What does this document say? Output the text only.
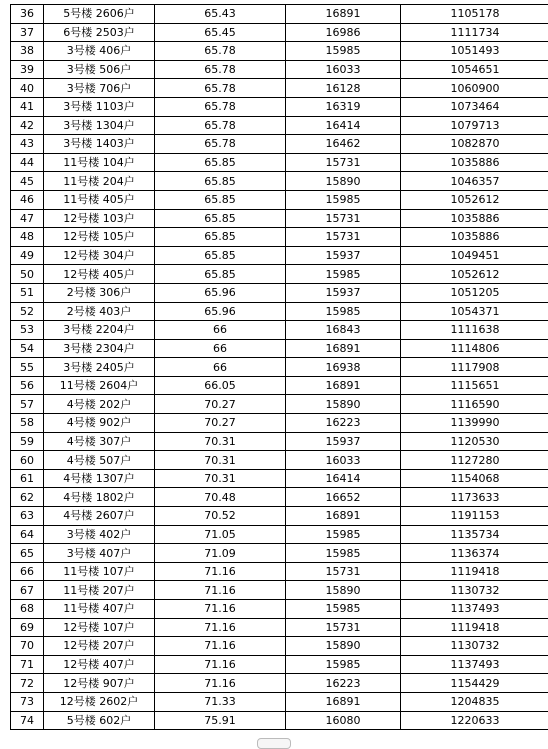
36	5号楼 2606户	65.43	16891	1105178
37	6号楼 2503户	65.45	16986	1111734
38	3号楼 406户	65.78	15985	1051493
39	3号楼 506户	65.78	16033	1054651
40	3号楼 706户	65.78	16128	1060900
41	3号楼 1103户	65.78	16319	1073464
42	3号楼 1304户	65.78	16414	1079713
43	3号楼 1403户	65.78	16462	1082870
44	11号楼 104户	65.85	15731	1035886
45	11号楼 204户	65.85	15890	1046357
46	11号楼 405户	65.85	15985	1052612
47	12号楼 103户	65.85	15731	1035886
48	12号楼 105户	65.85	15731	1035886
49	12号楼 304户	65.85	15937	1049451
50	12号楼 405户	65.85	15985	1052612
51	2号楼 306户	65.96	15937	1051205
52	2号楼 403户	65.96	15985	1054371
53	3号楼 2204户	66	16843	1111638
54	3号楼 2304户	66	16891	1114806
55	3号楼 2405户	66	16938	1117908
56	11号楼 2604户	66.05	16891	1115651
57	4号楼 202户	70.27	15890	1116590
58	4号楼 902户	70.27	16223	1139990
59	4号楼 307户	70.31	15937	1120530
60	4号楼 507户	70.31	16033	1127280
61	4号楼 1307户	70.31	16414	1154068
62	4号楼 1802户	70.48	16652	1173633
63	4号楼 2607户	70.52	16891	1191153
64	3号楼 402户	71.05	15985	1135734
65	3号楼 407户	71.09	15985	1136374
66	11号楼 107户	71.16	15731	1119418
67	11号楼 207户	71.16	15890	1130732
68	11号楼 407户	71.16	15985	1137493
69	12号楼 107户	71.16	15731	1119418
70	12号楼 207户	71.16	15890	1130732
71	12号楼 407户	71.16	15985	1137493
72	12号楼 907户	71.16	16223	1154429
73	12号楼 2602户	71.33	16891	1204835
74	5号楼 602户	75.91	16080	1220633
